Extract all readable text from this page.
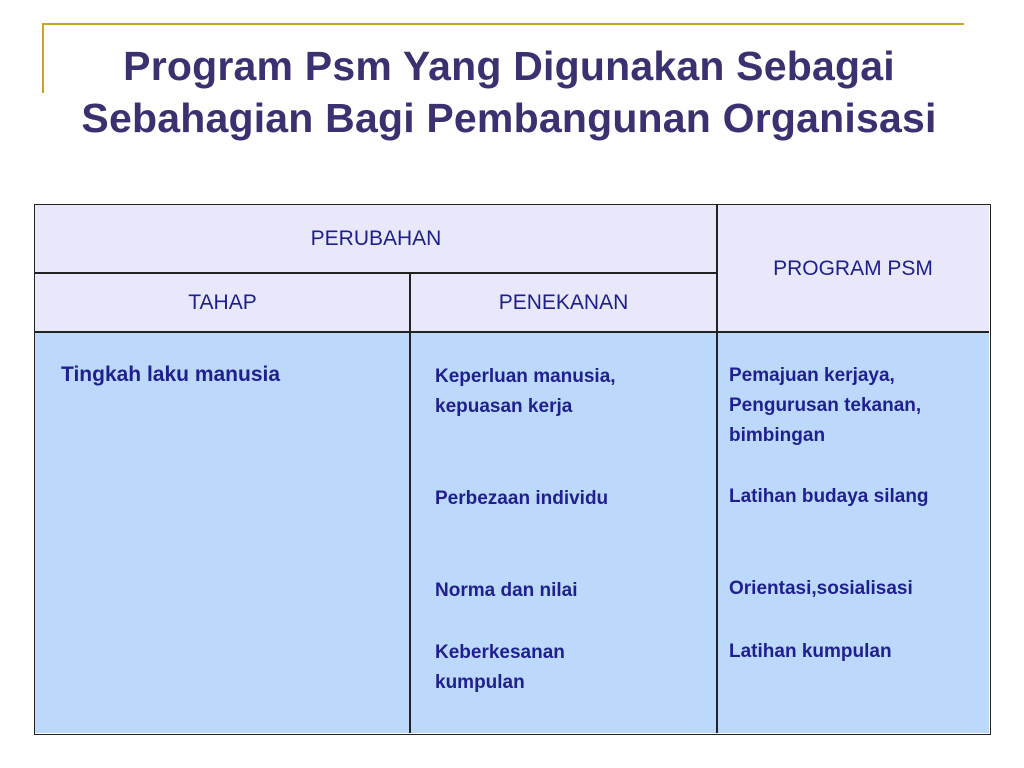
Program Psm Yang Digunakan Sebagai Sebahagian Bagi Pembangunan Organisasi
PERUBAHAN
PROGRAM PSM
TAHAP	PENEKANAN
Tingkah laku manusia	Keperluan manusia, kepuasan kerja
Perbezaan individu
Norma dan nilai
Keberkesanan kumpulan
Pemajuan kerjaya, Pengurusan tekanan, bimbingan
Latihan budaya silang
Orientasi,sosialisasi
Latihan kumpulan
